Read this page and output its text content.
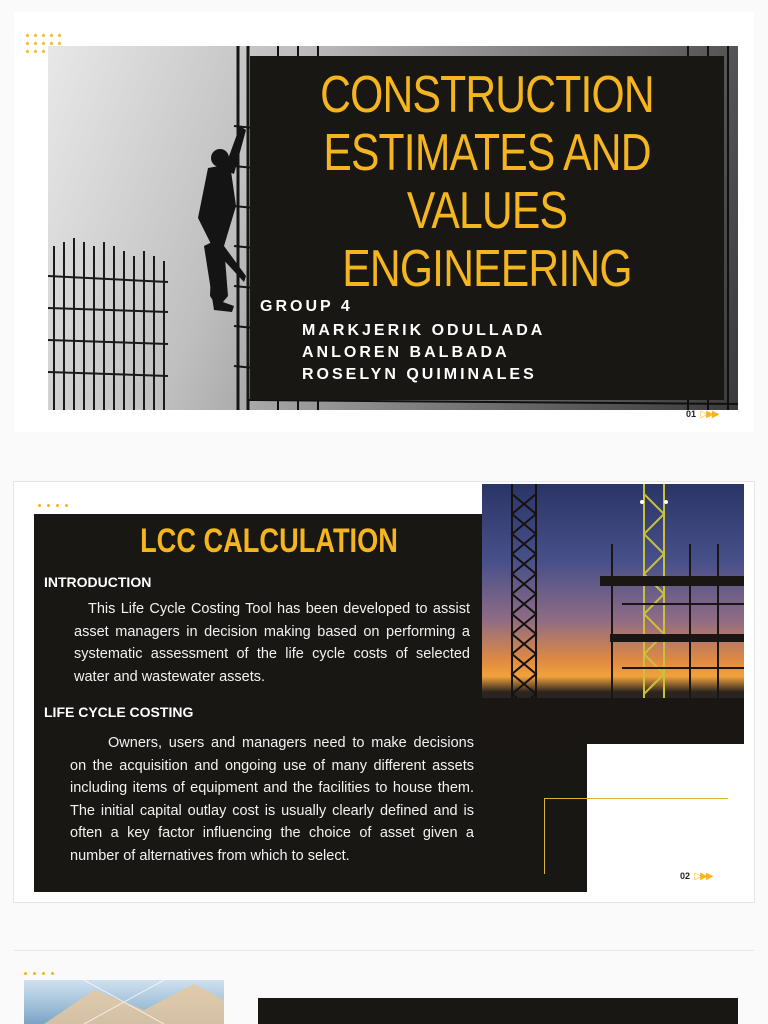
CONSTRUCTION
ESTIMATES AND
VALUES
ENGINEERING
GROUP 4
MARKJERIK ODULLADA
ANLOREN BALBADA
ROSELYN QUIMINALES
01 ▷▶▶
LCC CALCULATION
INTRODUCTION
This Life Cycle Costing Tool has been developed to assist asset managers in decision making based on performing a systematic assessment of the life cycle costs of selected water and wastewater assets.
LIFE CYCLE COSTING
Owners, users and managers need to make decisions on the acquisition and ongoing use of many different assets including items of equipment and the facilities to house them. The initial capital outlay cost is usually clearly defined and is often a key factor influencing the choice of asset given a number of alternatives from which to select.
02 ▷▶▶
